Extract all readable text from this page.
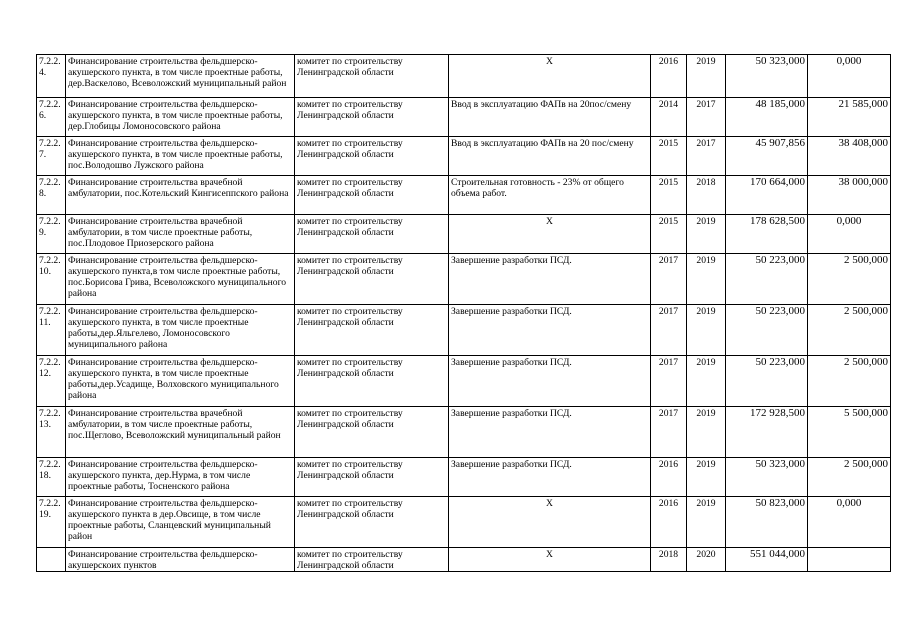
7.2.2.4.	Финансирование строительства фельдшерско-акушерского пункта, в том числе проектные работы, дер.Васкелово, Всеволожский муниципальный район	комитет по строительству Ленинградской области	Х	2016	2019	50 323,000	0,000
7.2.2.6.	Финансирование строительства фельдшерско-акушерского пункта, в том числе проектные работы, дер.Глобицы Ломоносовского района	комитет по строительству Ленинградской области	Ввод в эксплуатацию ФАПв на 20пос/смену	2014	2017	48 185,000	21 585,000
7.2.2.7.	Финансирование строительства фельдшерско-акушерского пункта, в том числе проектные работы, пос.Володошво Лужского района	комитет по строительству Ленинградской области	Ввод в эксплуатацию ФАПв на 20 пос/смену	2015	2017	45 907,856	38 408,000
7.2.2.8.	Финансирование строительства врачебной амбулатории, пос.Котельский Кингисеппского района	комитет по строительству Ленинградской области	Строительная готовность - 23% от общего объема работ.	2015	2018	170 664,000	38 000,000
7.2.2.9.	Финансирование строительства врачебной амбулатории, в том числе проектные работы, пос.Плодовое Приозерского района	комитет по строительству Ленинградской области	Х	2015	2019	178 628,500	0,000
7.2.2.10.	Финансирование строительства фельдшерско-акушерского пункта,в том числе проектные работы, пос.Борисова Грива, Всеволожского муниципального района	комитет по строительству Ленинградской области	Завершение разработки ПСД.	2017	2019	50 223,000	2 500,000
7.2.2.11.	Финансирование строительства фельдшерско-акушерского пункта, в том числе проектные работы,дер.Яльгелево, Ломоносовского муниципального района	комитет по строительству Ленинградской области	Завершение разработки ПСД.	2017	2019	50 223,000	2 500,000
7.2.2.12.	Финансирование строительства фельдшерско-акушерского пункта, в том числе проектные работы,дер.Усадище, Волховского муниципального района	комитет по строительству Ленинградской области	Завершение разработки ПСД.	2017	2019	50 223,000	2 500,000
7.2.2.13.	Финансирование строительства врачебной амбулатории, в том числе проектные работы, пос.Щеглово, Всеволожский муниципальный район	комитет по строительству Ленинградской области	Завершение разработки ПСД.	2017	2019	172 928,500	5 500,000
7.2.2.18.	Финансирование строительства фельдшерско-акушерского пункта, дер.Нурма, в том числе проектные работы, Тосненского района	комитет по строительству Ленинградской области	Завершение разработки ПСД.	2016	2019	50 323,000	2 500,000
7.2.2.19.	Финансирование строительства фельдшерско-акушерского пункта в дер.Овсище, в том числе проектные работы, Сланцевский муниципальный район	комитет по строительству Ленинградской области	Х	2016	2019	50 823,000	0,000
	Финансирование строительства фельдшерско-акушерскоих пунктов	комитет по строительству Ленинградской области	Х	2018	2020	551 044,000	
